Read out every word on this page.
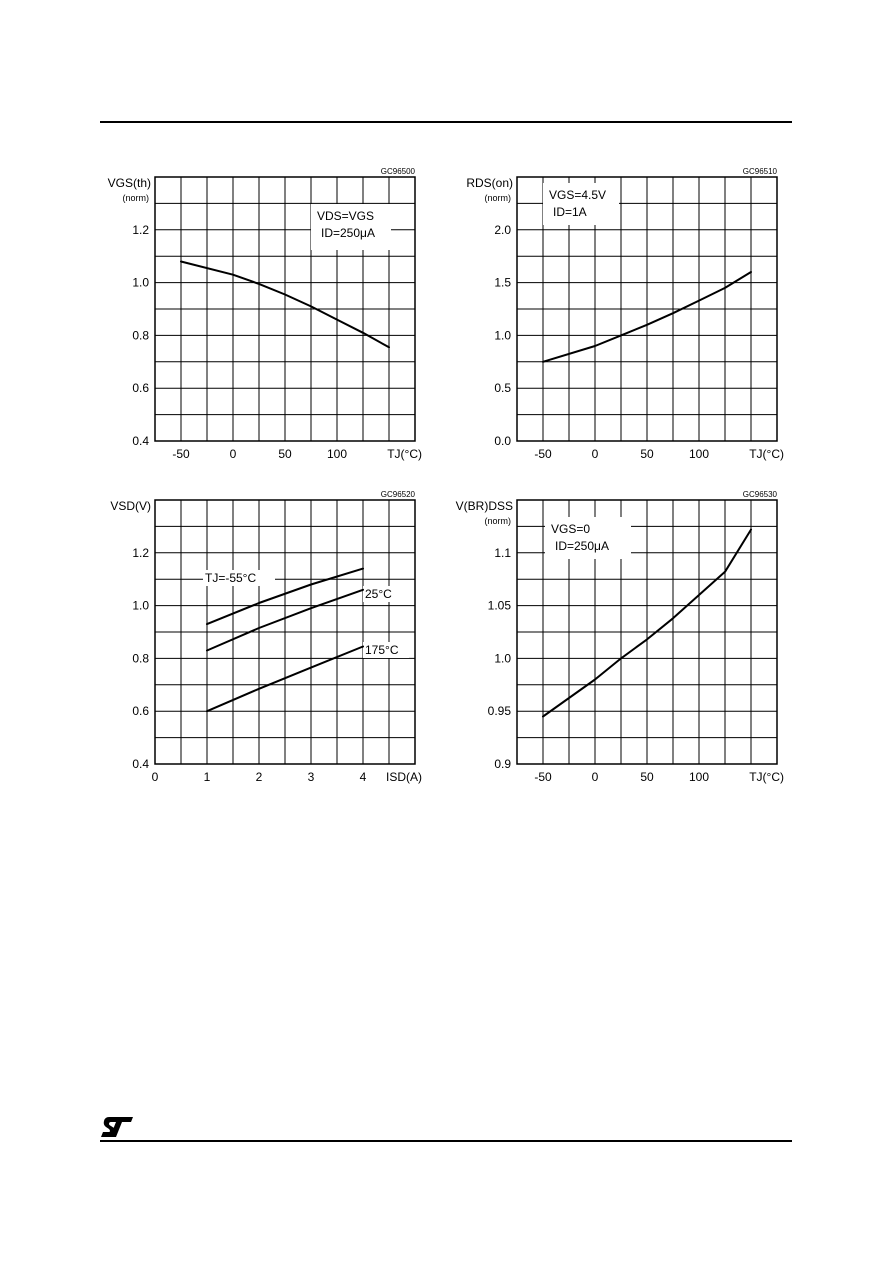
GC96500
0.4
0.6
0.8
1.0
1.2
-50	0	50	100	TJ(°C)
VGS(th)
(norm)
VDS=VGS
ID=250μA
GC96510
0.0
0.5
1.0
1.5
2.0
-50	0	50	100	TJ(°C)
RDS(on)
(norm)	VGS=4.5V
ID=1A
GC96520
0.4
0.6
0.8
1.0
1.2
0	1	2	3	4 ISD(A)
VSD(V)
TJ=-55°C
25°C
175°C
GC96530
0.9
0.95
1.0
1.05
1.1
-50	0	50	100	TJ(°C)
V(BR)DSS
(norm)
VGS=0
ID=250μA
